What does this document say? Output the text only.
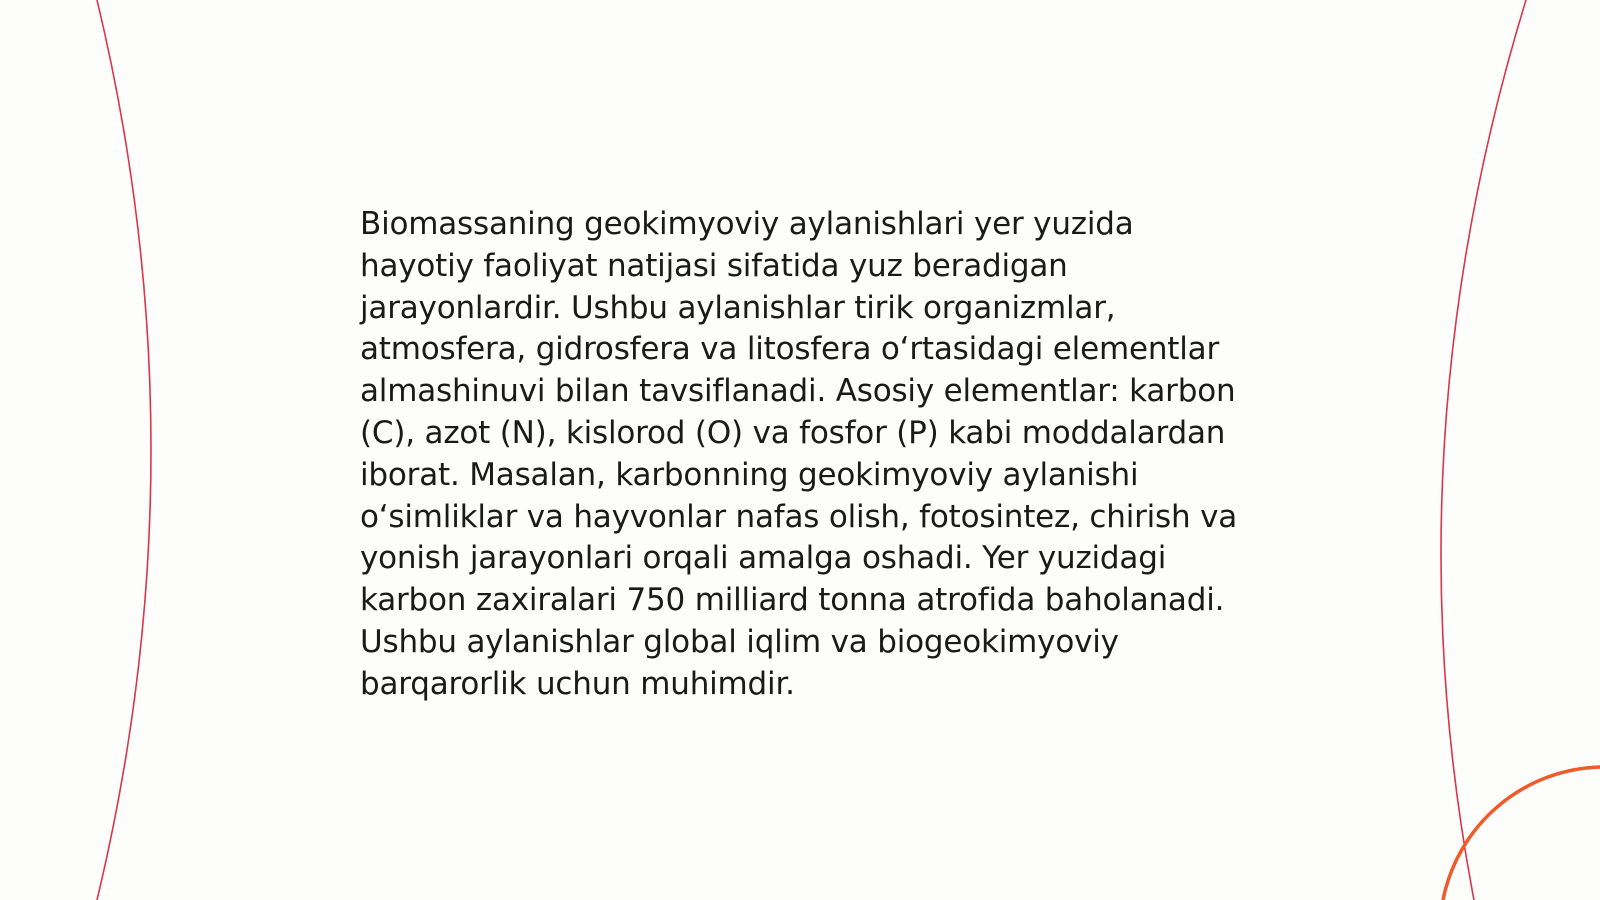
Biomassaning geokimyoviy aylanishlari yer yuzida hayotiy faoliyat natijasi sifatida yuz beradigan jarayonlardir. Ushbu aylanishlar tirik organizmlar, atmosfera, gidrosfera va litosfera oʻrtasidagi elementlar almashinuvi bilan tavsiflanadi. Asosiy elementlar: karbon (C), azot (N), kislorod (O) va fosfor (P) kabi moddalardan iborat. Masalan, karbonning geokimyoviy aylanishi oʻsimliklar va hayvonlar nafas olish, fotosintez, chirish va yonish jarayonlari orqali amalga oshadi. Yer yuzidagi karbon zaxiralari 750 milliard tonna atrofida baholanadi. Ushbu aylanishlar global iqlim va biogeokimyoviy barqarorlik uchun muhimdir.
